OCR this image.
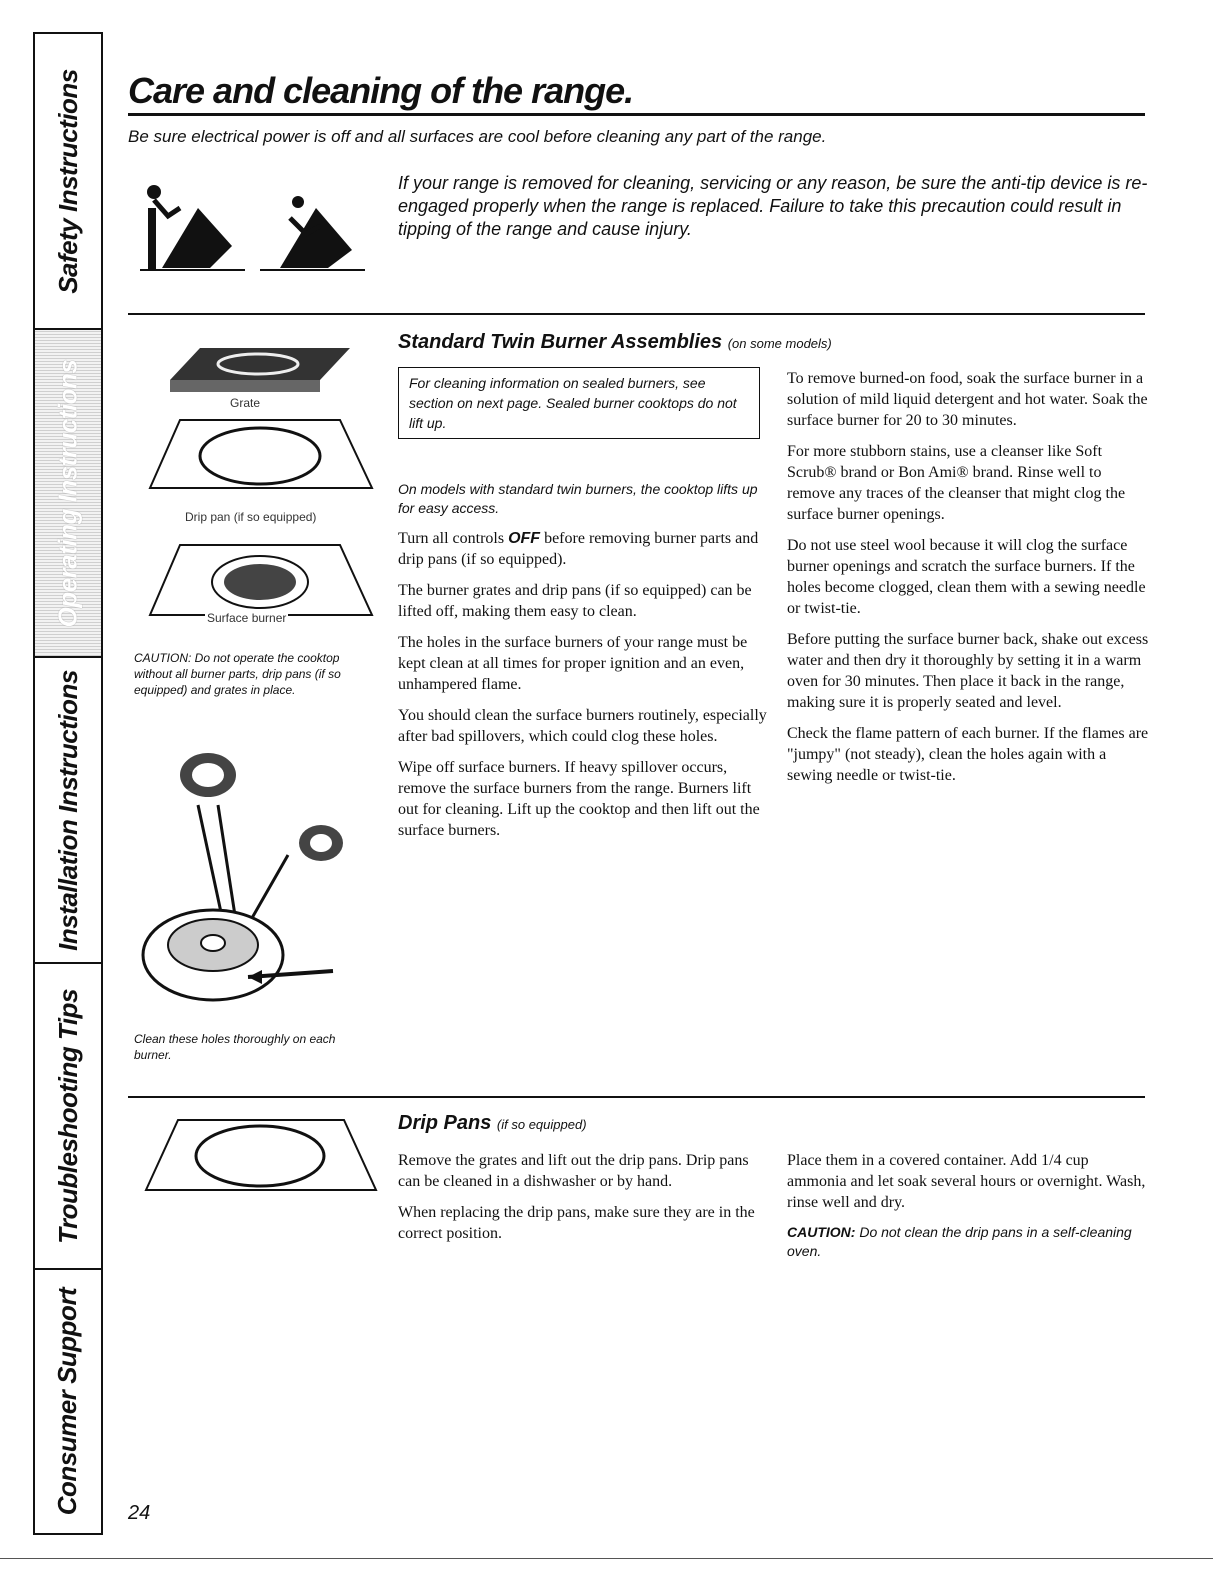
Safety Instructions
Operating Instructions
Installation Instructions
Troubleshooting Tips
Consumer Support
Care and cleaning of the range.
Be sure electrical power is off and all surfaces are cool before cleaning any part of the range.
If your range is removed for cleaning, servicing or any reason, be sure the anti-tip device is re-engaged properly when the range is replaced. Failure to take this precaution could result in tipping of the range and cause injury.
Grate
Drip pan (if so equipped)
Surface burner
CAUTION: Do not operate the cooktop without all burner parts, drip pans (if so equipped) and grates in place.
Clean these holes thoroughly on each burner.
Standard Twin Burner Assemblies (on some models)
For cleaning information on sealed burners, see section on next page. Sealed burner cooktops do not lift up.

On models with standard twin burners, the cooktop lifts up for easy access.

Turn all controls OFF before removing burner parts and drip pans (if so equipped).

The burner grates and drip pans (if so equipped) can be lifted off, making them easy to clean.

The holes in the surface burners of your range must be kept clean at all times for proper ignition and an even, unhampered flame.

You should clean the surface burners routinely, especially after bad spillovers, which could clog these holes.

Wipe off surface burners. If heavy spillover occurs, remove the surface burners from the range. Burners lift out for cleaning. Lift up the cooktop and then lift out the surface burners.

To remove burned-on food, soak the surface burner in a solution of mild liquid detergent and hot water. Soak the surface burner for 20 to 30 minutes.

For more stubborn stains, use a cleanser like Soft Scrub® brand or Bon Ami® brand. Rinse well to remove any traces of the cleanser that might clog the surface burner openings.

Do not use steel wool because it will clog the surface burner openings and scratch the surface burners. If the holes become clogged, clean them with a sewing needle or twist-tie.

Before putting the surface burner back, shake out excess water and then dry it thoroughly by setting it in a warm oven for 30 minutes. Then place it back in the range, making sure it is properly seated and level.

Check the flame pattern of each burner. If the flames are "jumpy" (not steady), clean the holes again with a sewing needle or twist-tie.

Drip Pans (if so equipped)

Remove the grates and lift out the drip pans. Drip pans can be cleaned in a dishwasher or by hand.

When replacing the drip pans, make sure they are in the correct position.

Place them in a covered container. Add 1/4 cup ammonia and let soak several hours or overnight. Wash, rinse well and dry.

CAUTION: Do not clean the drip pans in a self-cleaning oven.

24
